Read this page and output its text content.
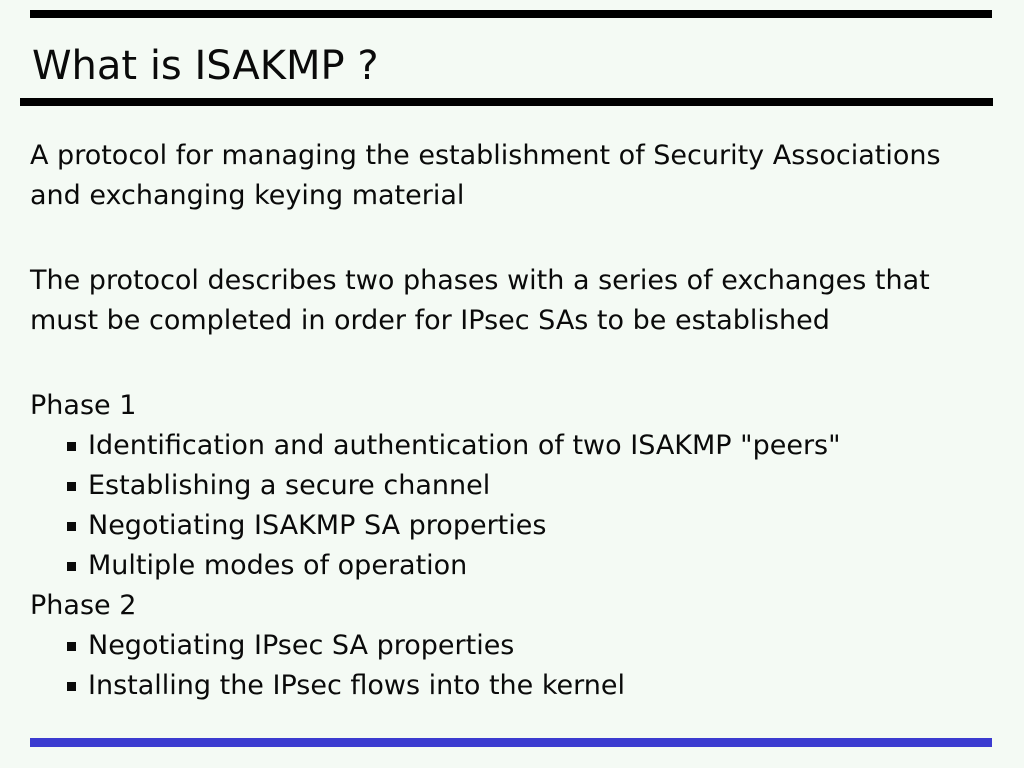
What is ISAKMP ?
A protocol for managing the establishment of Security Associations
and exchanging keying material
The protocol describes two phases with a series of exchanges that
must be completed in order for IPsec SAs to be established
Phase 1
Identification and authentication of two ISAKMP "peers"
Establishing a secure channel
Negotiating ISAKMP SA properties
Multiple modes of operation
Phase 2
Negotiating IPsec SA properties
Installing the IPsec flows into the kernel
